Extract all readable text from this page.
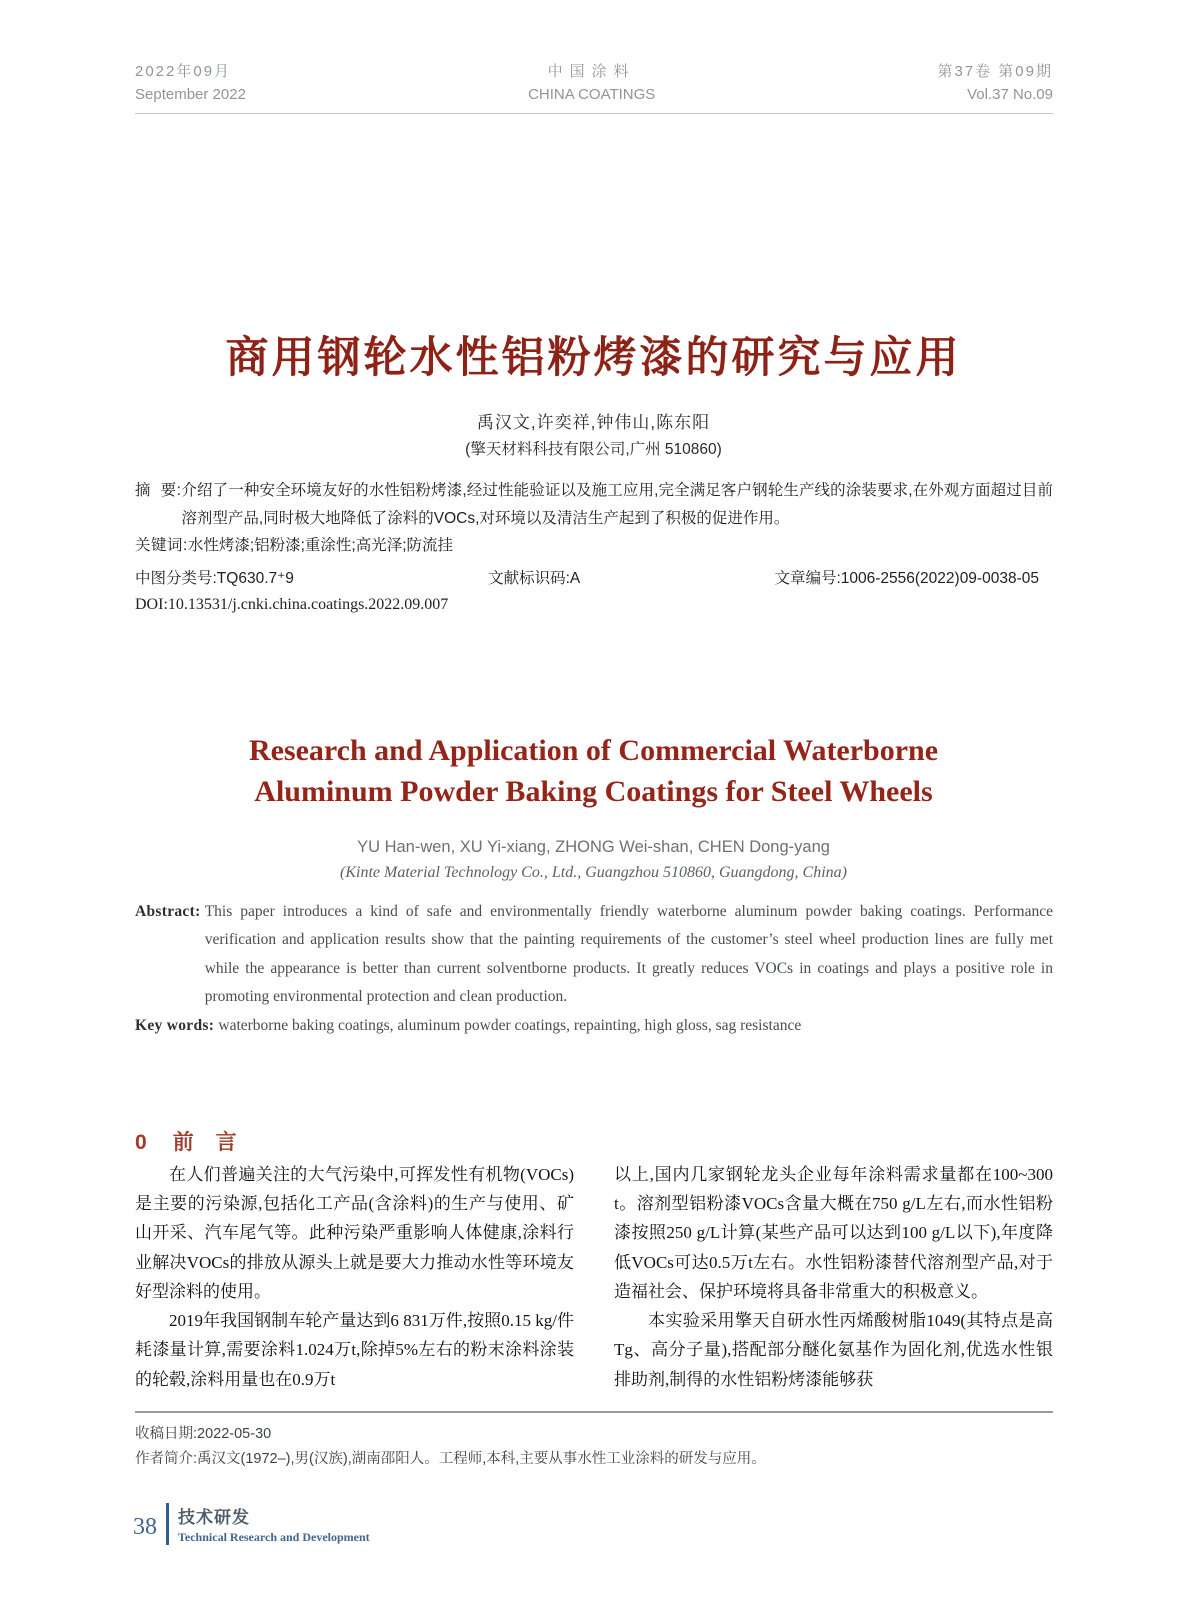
2022年09月
September 2022
中国涂料
CHINA COATINGS
第37卷 第09期
Vol.37 No.09
商用钢轮水性铝粉烤漆的研究与应用
禹汉文,许奕祥,钟伟山,陈东阳
(擎天材料科技有限公司,广州 510860)
摘  要: 介绍了一种安全环境友好的水性铝粉烤漆,经过性能验证以及施工应用,完全满足客户钢轮生产线的涂装要求,在外观方面超过目前溶剂型产品,同时极大地降低了涂料的VOCs,对环境以及清洁生产起到了积极的促进作用。
关键词: 水性烤漆;铝粉漆;重涂性;高光泽;防流挂
中图分类号:TQ630.7⁺9	文献标识码:A	文章编号:1006-2556(2022)09-0038-05
DOI:10.13531/j.cnki.china.coatings.2022.09.007
Research and Application of Commercial Waterborne
Aluminum Powder Baking Coatings for Steel Wheels
YU Han-wen, XU Yi-xiang, ZHONG Wei-shan, CHEN Dong-yang
(Kinte Material Technology Co., Ltd., Guangzhou 510860, Guangdong, China)
Abstract: This paper introduces a kind of safe and environmentally friendly waterborne aluminum powder baking coatings. Performance verification and application results show that the painting requirements of the customer’s steel wheel production lines are fully met while the appearance is better than current solventborne products. It greatly reduces VOCs in coatings and plays a positive role in promoting environmental protection and clean production.
Key words: waterborne baking coatings, aluminum powder coatings, repainting, high gloss, sag resistance
0 前言

在人们普遍关注的大气污染中,可挥发性有机物(VOCs)是主要的污染源,包括化工产品(含涂料)的生产与使用、矿山开采、汽车尾气等。此种污染严重影响人体健康,涂料行业解决VOCs的排放从源头上就是要大力推动水性等环境友好型涂料的使用。

2019年我国钢制车轮产量达到6 831万件,按照0.15 kg/件耗漆量计算,需要涂料1.024万t,除掉5%左右的粉末涂料涂装的轮毂,涂料用量也在0.9万t

以上,国内几家钢轮龙头企业每年涂料需求量都在100~300 t。溶剂型铝粉漆VOCs含量大概在750 g/L左右,而水性铝粉漆按照250 g/L计算(某些产品可以达到100 g/L以下),年度降低VOCs可达0.5万t左右。水性铝粉漆替代溶剂型产品,对于造福社会、保护环境将具备非常重大的积极意义。

本实验采用擎天自研水性丙烯酸树脂1049(其特点是高Tg、高分子量),搭配部分醚化氨基作为固化剂,优选水性银排助剂,制得的水性铝粉烤漆能够获

收稿日期:2022-05-30
作者简介:禹汉文(1972–),男(汉族),湖南邵阳人。工程师,本科,主要从事水性工业涂料的研发与应用。
38 技术研发
Technical Research and Development
